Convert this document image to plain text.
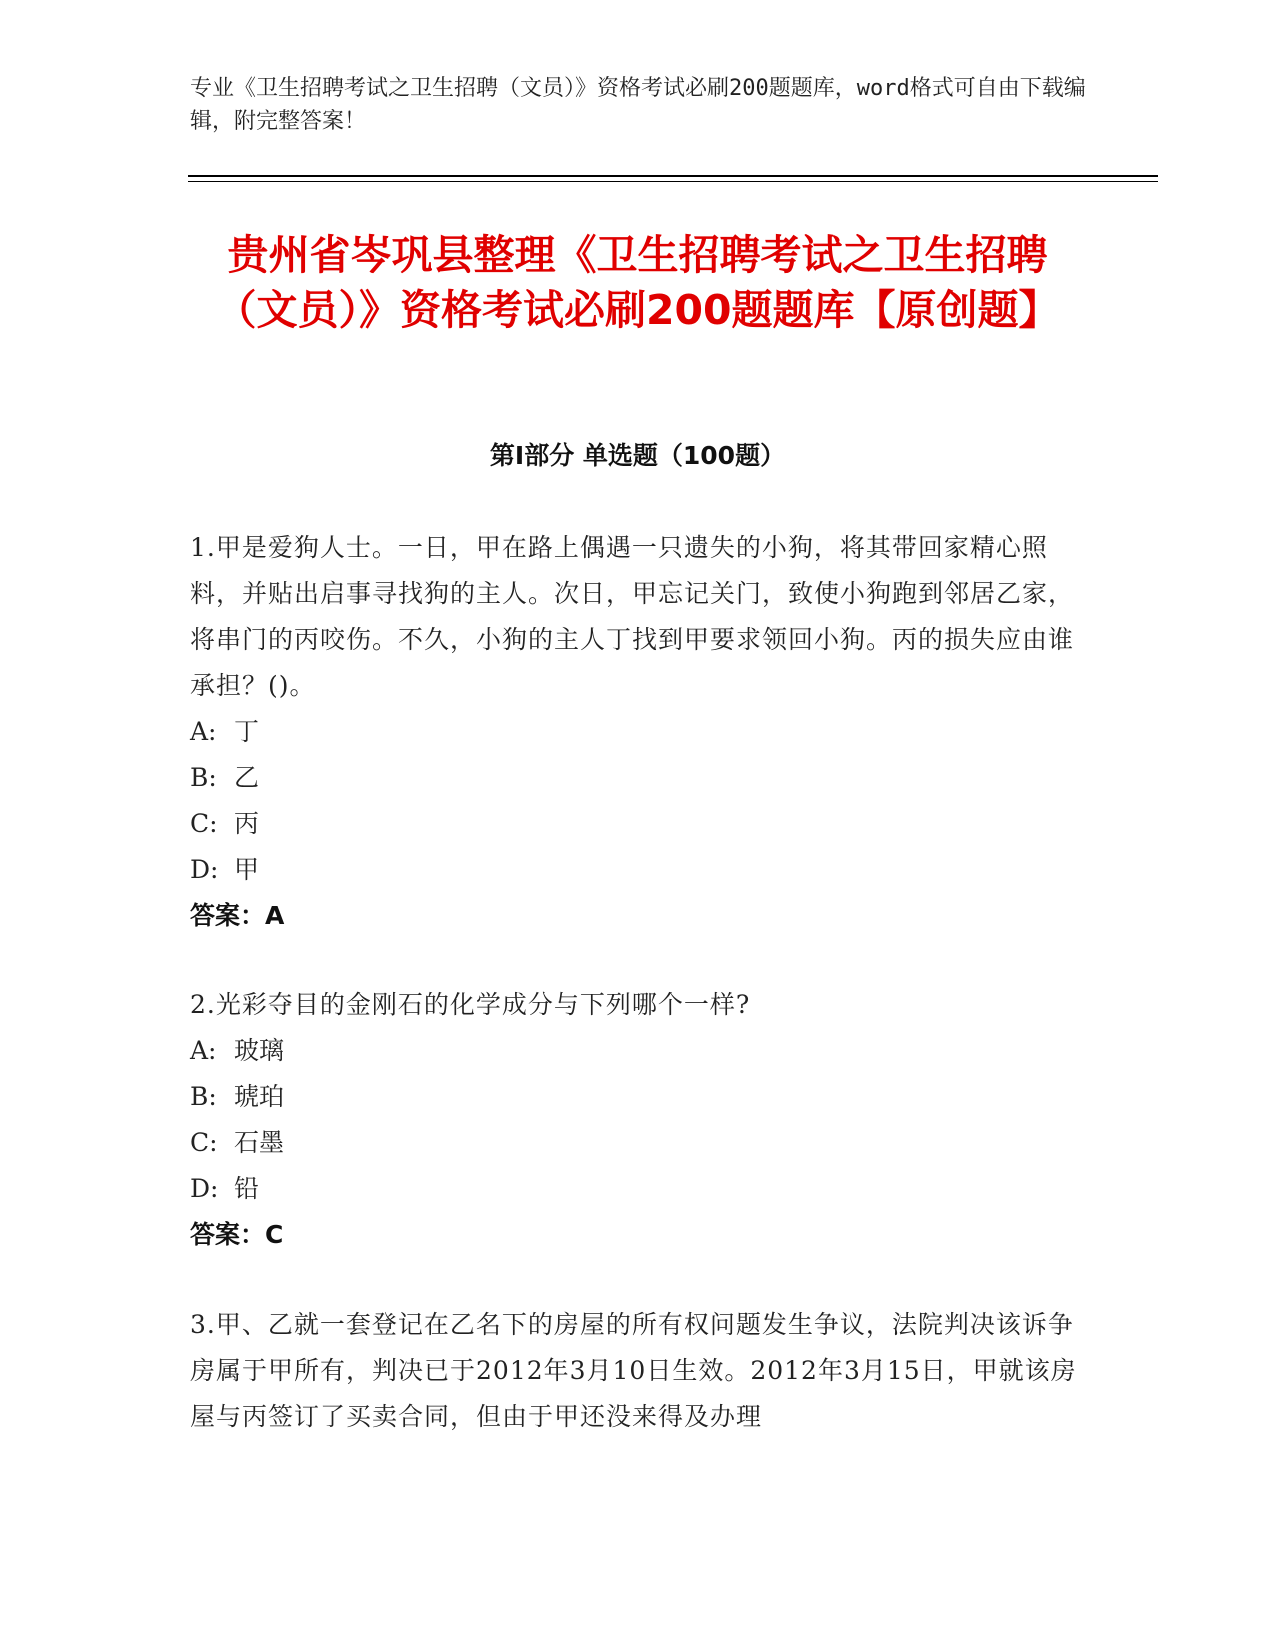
专业《卫生招聘考试之卫生招聘（文员）》资格考试必刷200题题库，word格式可自由下载编辑，附完整答案！
贵州省岑巩县整理《卫生招聘考试之卫生招聘（文员）》资格考试必刷200题题库【原创题】
第I部分 单选题（100题）
1.甲是爱狗人士。一日，甲在路上偶遇一只遗失的小狗，将其带回家精心照料，并贴出启事寻找狗的主人。次日，甲忘记关门，致使小狗跑到邻居乙家，将串门的丙咬伤。不久，小狗的主人丁找到甲要求领回小狗。丙的损失应由谁承担？()。
A: 丁
B: 乙
C: 丙
D: 甲
答案：A
2.光彩夺目的金刚石的化学成分与下列哪个一样?
A: 玻璃
B: 琥珀
C: 石墨
D: 铅
答案：C
3.甲、乙就一套登记在乙名下的房屋的所有权问题发生争议，法院判决该诉争房属于甲所有，判决已于2012年3月10日生效。2012年3月15日，甲就该房屋与丙签订了买卖合同，但由于甲还没来得及办理
